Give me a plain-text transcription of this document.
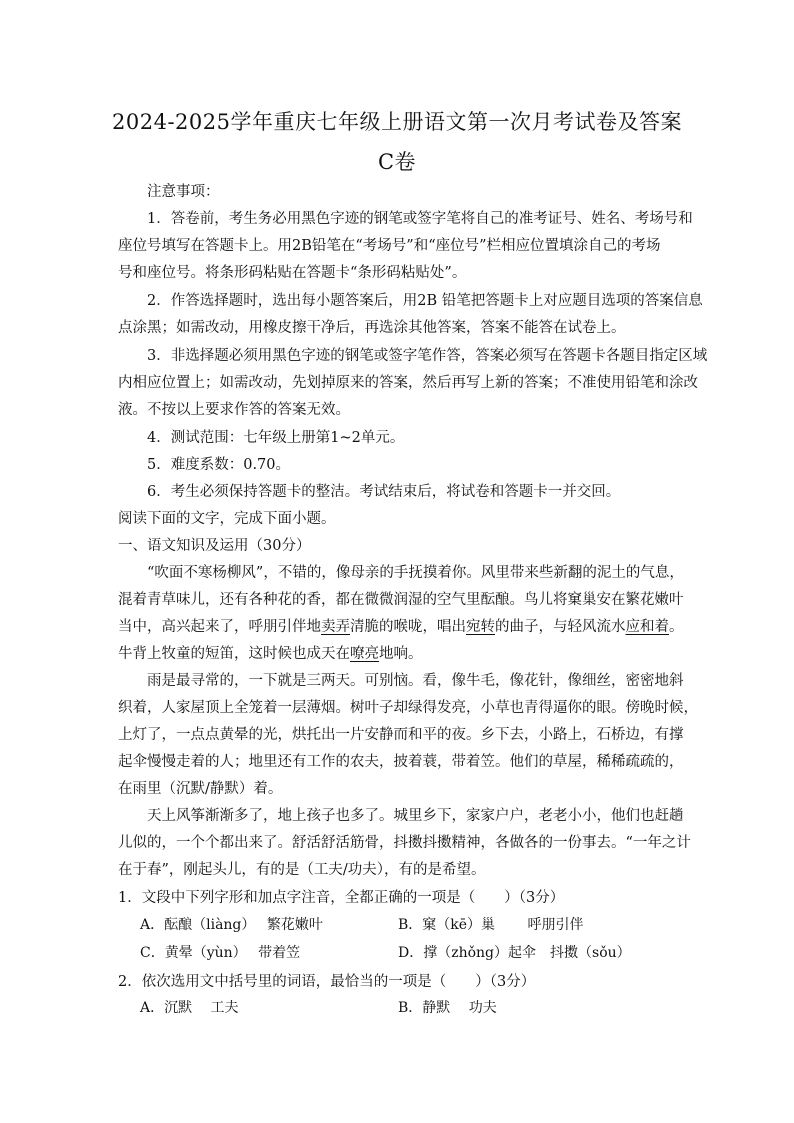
2024-2025学年重庆七年级上册语文第一次月考试卷及答案
C卷
注意事项：
1．答卷前，考生务必用黑色字迹的钢笔或签字笔将自己的准考证号、姓名、考场号和
座位号填写在答题卡上。用2B铅笔在“考场号”和“座位号”栏相应位置填涂自己的考场
号和座位号。将条形码粘贴在答题卡“条形码粘贴处”。
2．作答选择题时，选出每小题答案后，用2B 铅笔把答题卡上对应题目选项的答案信息
点涂黑；如需改动，用橡皮擦干净后，再选涂其他答案，答案不能答在试卷上。
3．非选择题必须用黑色字迹的钢笔或签字笔作答，答案必须写在答题卡各题目指定区域
内相应位置上；如需改动，先划掉原来的答案，然后再写上新的答案；不准使用铅笔和涂改
液。不按以上要求作答的答案无效。
4．测试范围：七年级上册第1~2单元。
5．难度系数：0.70。
6．考生必须保持答题卡的整洁。考试结束后，将试卷和答题卡一并交回。
阅读下面的文字，完成下面小题。
一、语文知识及运用（30分）
“吹面不寒杨柳风”，不错的，像母亲的手抚摸着你。风里带来些新翻的泥土的气息，
混着青草味儿，还有各种花的香，都在微微润湿的空气里酝酿。鸟儿将窠巢安在繁花嫩叶
当中，高兴起来了，呼朋引伴地卖弄清脆的喉咙，唱出宛转的曲子，与轻风流水应和着。
牛背上牧童的短笛，这时候也成天在嘹亮地响。
雨是最寻常的，一下就是三两天。可别恼。看，像牛毛，像花针，像细丝，密密地斜
织着，人家屋顶上全笼着一层薄烟。树叶子却绿得发亮，小草也青得逼你的眼。傍晚时候，
上灯了，一点点黄晕的光，烘托出一片安静而和平的夜。乡下去，小路上，石桥边，有撑
起伞慢慢走着的人；地里还有工作的农夫，披着蓑，带着笠。他们的草屋，稀稀疏疏的，
在雨里（沉默/静默）着。
天上风筝渐渐多了，地上孩子也多了。城里乡下，家家户户，老老小小，他们也赶趟
儿似的，一个个都出来了。舒活舒活筋骨，抖擞抖擞精神，各做各的一份事去。“一年之计
在于春”，刚起头儿，有的是（工夫/功夫），有的是希望。
1．文段中下列字形和加点字注音，全都正确的一项是（　　）（3分）
A．酝酿（liàng）　 繁花嫩叶	B．窠（kē）巢　　 呼朋引伴
C．黄晕（yùn）　 带着笠	D．撑（zhǒng）起伞　抖擞（sǒu）
2．依次选用文中括号里的词语，最恰当的一项是（　　）（3分）
A．沉默　 工夫	B．静默　 功夫
